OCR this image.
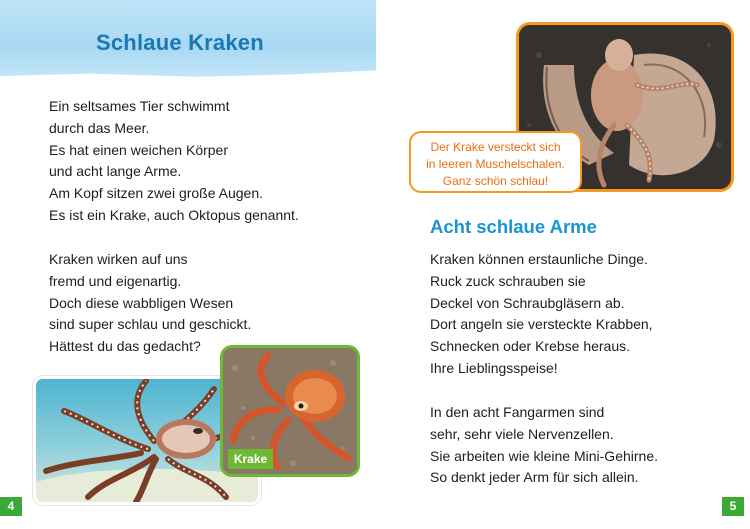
Schlaue Kraken
Ein seltsames Tier schwimmt
durch das Meer.
Es hat einen weichen Körper
und acht lange Arme.
Am Kopf sitzen zwei große Augen.
Es ist ein Krake, auch Oktopus genannt.
Kraken wirken auf uns
fremd und eigenartig.
Doch diese wabbligen Wesen
sind super schlau und geschickt.
Hättest du das gedacht?
Krake
4
Der Krake versteckt sich
in leeren Muschelschalen.
Ganz schön schlau!
Acht schlaue Arme
Kraken können erstaunliche Dinge.
Ruck zuck schrauben sie
Deckel von Schraubgläsern ab.
Dort angeln sie versteckte Krabben,
Schnecken oder Krebse heraus.
Ihre Lieblingsspeise!
In den acht Fangarmen sind
sehr, sehr viele Nervenzellen.
Sie arbeiten wie kleine Mini-Gehirne.
So denkt jeder Arm für sich allein.
5
